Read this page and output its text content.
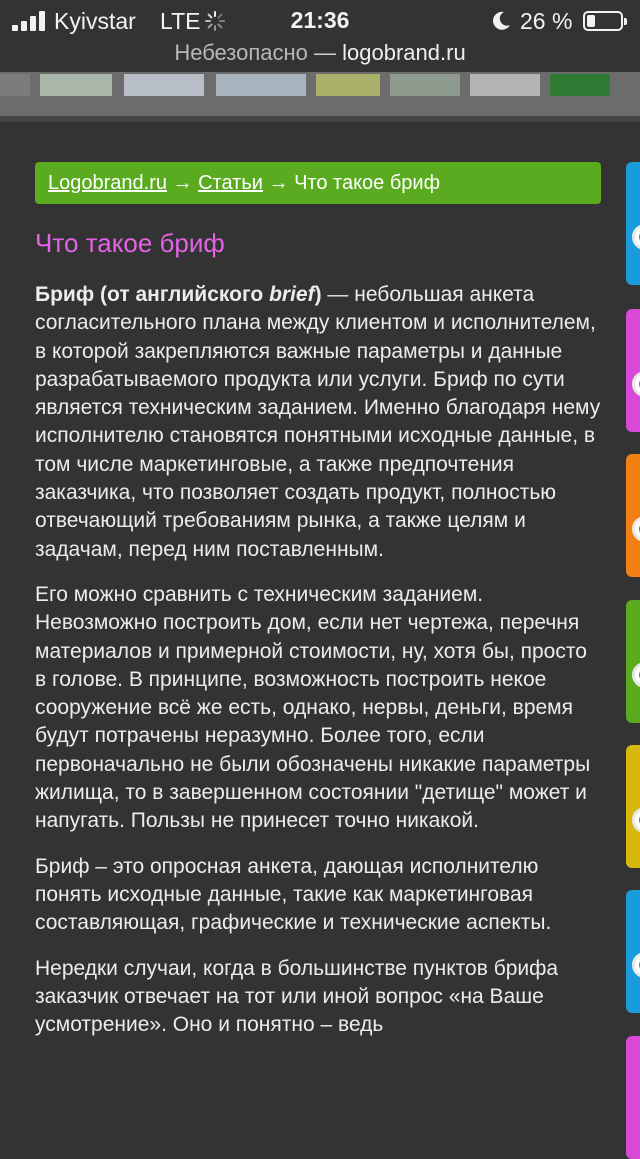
Kyivstar LTE	21:36	26 %
Небезопасно — logobrand.ru
Logobrand.ru → Статьи → Что такое бриф
Что такое бриф

Бриф (от английского brief) — небольшая анкета согласительного плана между клиентом и исполнителем, в которой закрепляются важные параметры и данные разрабатываемого продукта или услуги. Бриф по сути является техническим заданием. Именно благодаря нему исполнителю становятся понятными исходные данные, в том числе маркетинговые, а также предпочтения заказчика, что позволяет создать продукт, полностью отвечающий требованиям рынка, а также целям и задачам, перед ним поставленным.

Его можно сравнить с техническим заданием. Невозможно построить дом, если нет чертежа, перечня материалов и примерной стоимости, ну, хотя бы, просто в голове. В принципе, возможность построить некое сооружение всё же есть, однако, нервы, деньги, время будут потрачены неразумно. Более того, если первоначально не были обозначены никакие параметры жилища, то в завершенном состоянии "детище" может и напугать. Пользы не принесет точно никакой.

Бриф – это опросная анкета, дающая исполнителю понять исходные данные, такие как маркетинговая составляющая, графические и технические аспекты.

Нередки случаи, когда в большинстве пунктов брифа заказчик отвечает на тот или иной вопрос «на Ваше усмотрение». Оно и понятно – ведь
